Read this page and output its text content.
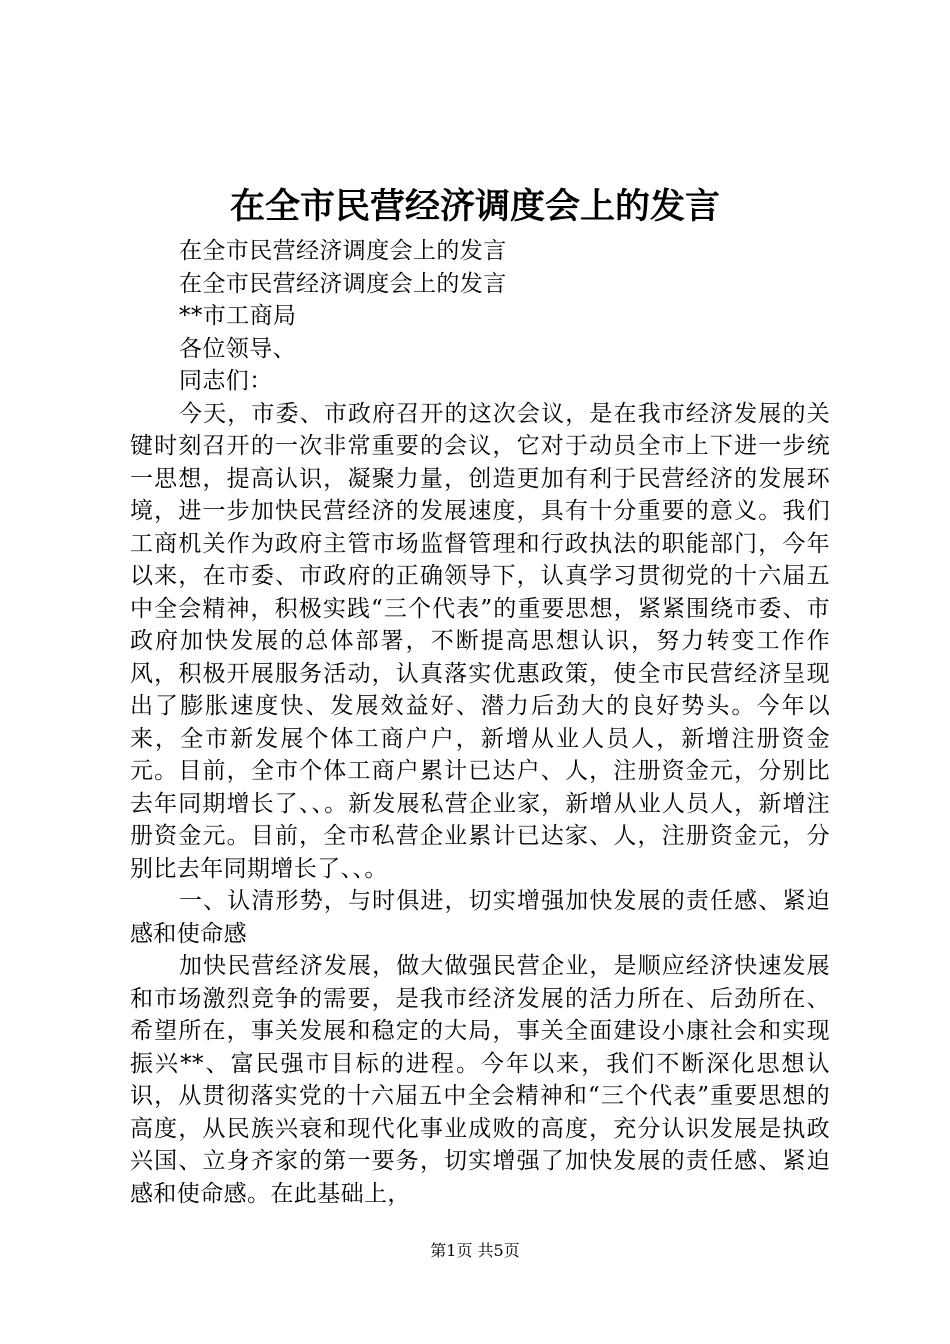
在全市民营经济调度会上的发言

在全市民营经济调度会上的发言

在全市民营经济调度会上的发言

**市工商局

各位领导、

同志们：

今天，市委、市政府召开的这次会议，是在我市经济发展的关键时刻召开的一次非常重要的会议，它对于动员全市上下进一步统一思想，提高认识，凝聚力量，创造更加有利于民营经济的发展环境，进一步加快民营经济的发展速度，具有十分重要的意义。我们工商机关作为政府主管市场监督管理和行政执法的职能部门，今年以来，在市委、市政府的正确领导下，认真学习贯彻党的十六届五中全会精神，积极实践“三个代表”的重要思想，紧紧围绕市委、市政府加快发展的总体部署，不断提高思想认识，努力转变工作作风，积极开展服务活动，认真落实优惠政策，使全市民营经济呈现出了膨胀速度快、发展效益好、潜力后劲大的良好势头。今年以来，全市新发展个体工商户户，新增从业人员人，新增注册资金元。目前，全市个体工商户累计已达户、人，注册资金元，分别比去年同期增长了、、。新发展私营企业家，新增从业人员人，新增注册资金元。目前，全市私营企业累计已达家、人，注册资金元，分别比去年同期增长了、、。

一、认清形势，与时俱进，切实增强加快发展的责任感、紧迫感和使命感

加快民营经济发展，做大做强民营企业，是顺应经济快速发展和市场激烈竞争的需要，是我市经济发展的活力所在、后劲所在、希望所在，事关发展和稳定的大局，事关全面建设小康社会和实现振兴**、富民强市目标的进程。今年以来，我们不断深化思想认识，从贯彻落实党的十六届五中全会精神和“三个代表”重要思想的高度，从民族兴衰和现代化事业成败的高度，充分认识发展是执政兴国、立身齐家的第一要务，切实增强了加快发展的责任感、紧迫感和使命感。在此基础上，

第1页 共5页
